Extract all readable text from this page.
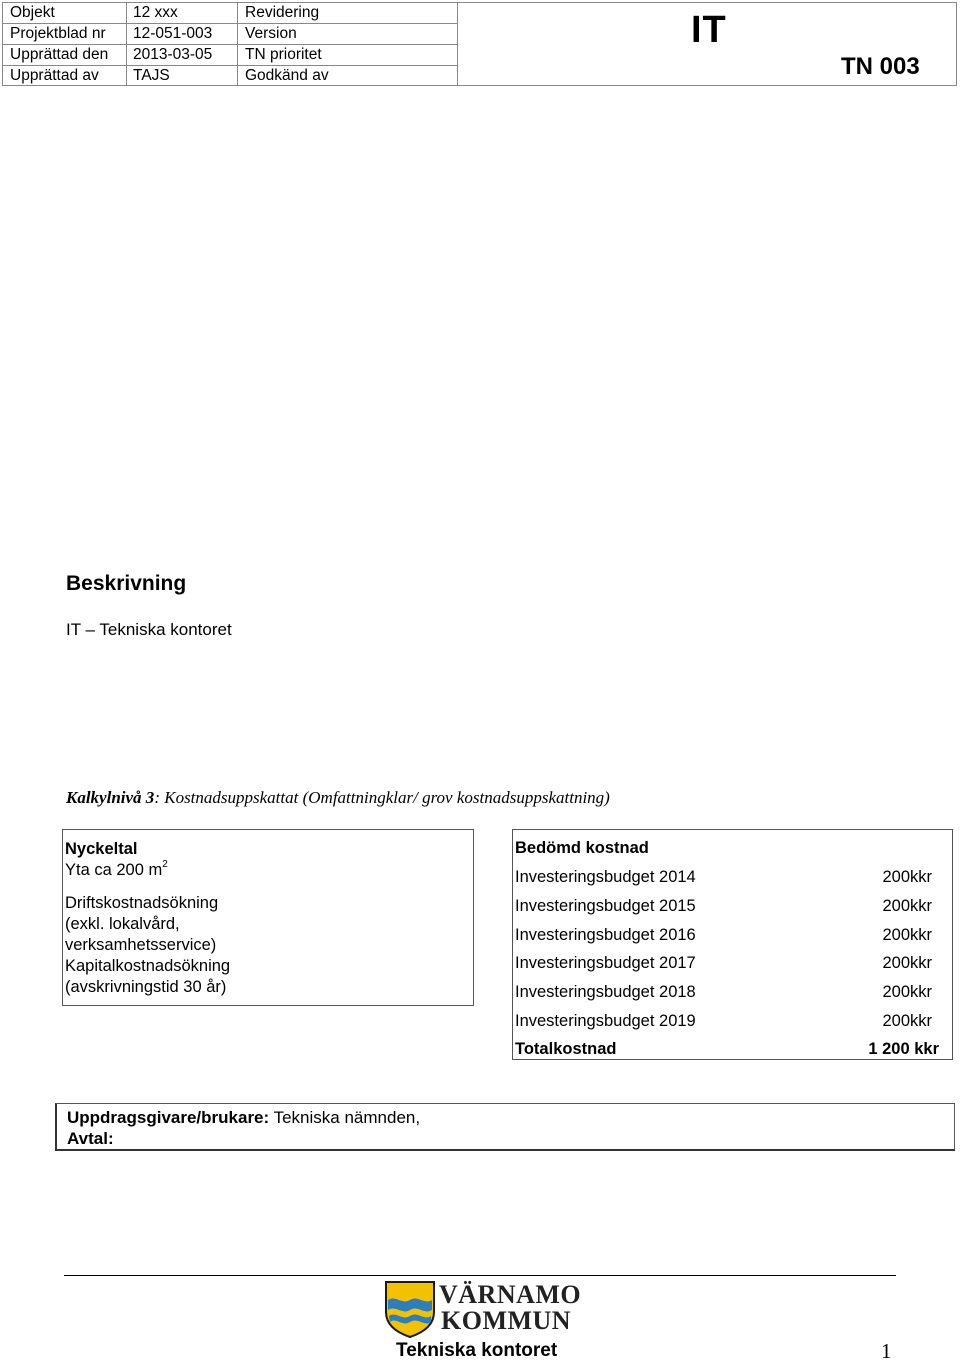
Objekt	12 xxx	Revidering
Projektblad nr	12-051-003	Version
Upprättad den	2013-03-05	TN prioritet
Upprättad av	TAJS	Godkänd av
IT
TN 003
Beskrivning
IT – Tekniska kontoret
Kalkylnivå 3: Kostnadsuppskattat (Omfattningklar/ grov kostnadsuppskattning)
Nyckeltal
Yta ca 200 $m^2$
Driftskostnadsökning
(exkl. lokalvård,
verksamhetsservice)
Kapitalkostnadsökning
(avskrivningstid 30 år)
Bedömd kostnad
Investeringsbudget 2014	200kkr
Investeringsbudget 2015	200kkr
Investeringsbudget 2016	200kkr
Investeringsbudget 2017	200kkr
Investeringsbudget 2018	200kkr
Investeringsbudget 2019	200kkr
Totalkostnad	1 200 kkr
Uppdragsgivare/brukare: Tekniska nämnden,
Avtal:
VÄRNAMO
KOMMUN
Tekniska kontoret	1
